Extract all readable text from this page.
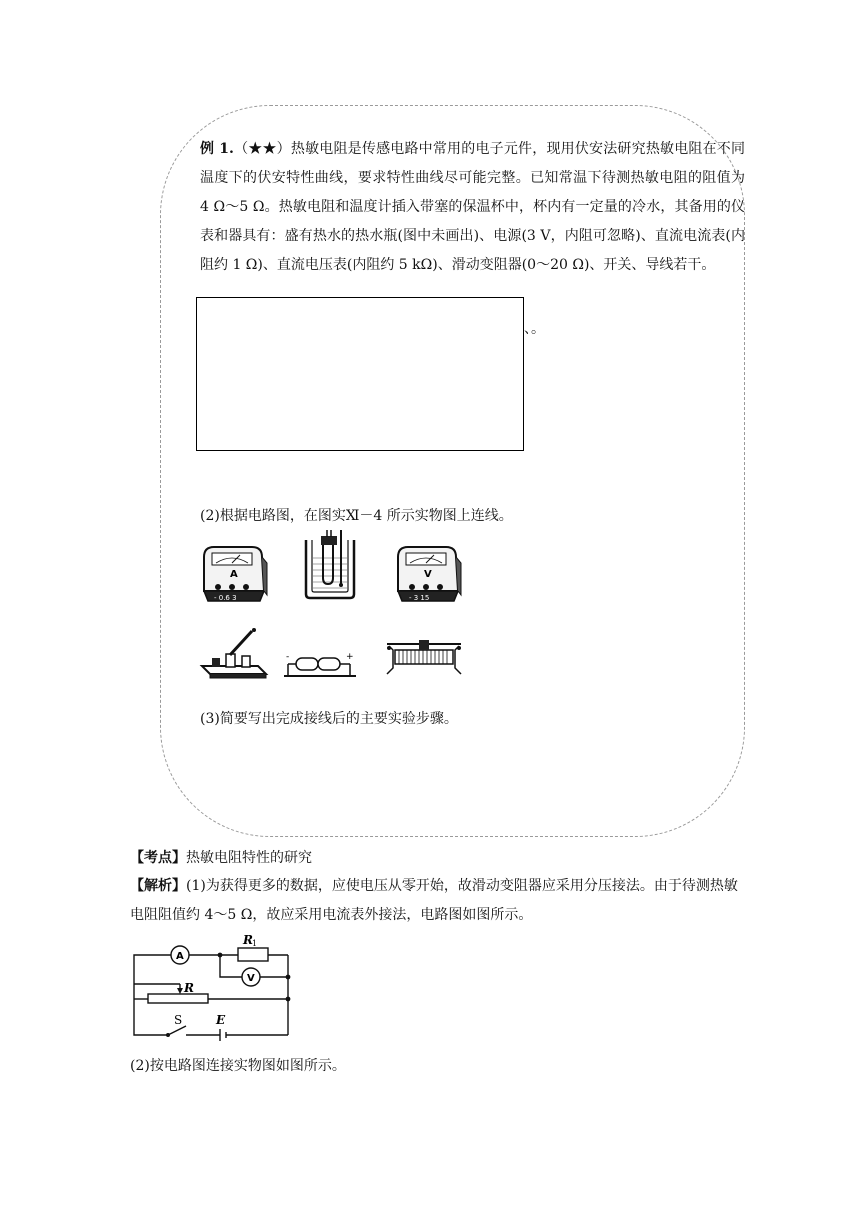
例 1.（★★）热敏电阻是传感电路中常用的电子元件，现用伏安法研究热敏电阻在不同温度下的伏安特性曲线，要求特性曲线尽可能完整。已知常温下待测热敏电阻的阻值为 4 Ω～5 Ω。热敏电阻和温度计插入带塞的保温杯中，杯内有一定量的冷水，其备用的仪表和器具有：盛有热水的热水瓶(图中未画出)、电源(3 V，内阻可忽略)、直流电流表(内阻约 1 Ω)、直流电压表(内阻约 5 kΩ)、滑动变阻器(0～20 Ω)、开关、导线若干。

、。

(2)根据电路图，在图实Ⅺ－4 所示实物图上连线。

A
- 0.6 3
V
- 3 15
-	+

(3)简要写出完成接线后的主要实验步骤。

【考点】热敏电阻特性的研究

【解析】(1)为获得更多的数据，应使电压从零开始，故滑动变阻器应采用分压接法。由于待测热敏电阻阻值约 4～5 Ω，故应采用电流表外接法，电路图如图所示。

A
V
R 1
R
S	E

(2)按电路图连接实物图如图所示。
